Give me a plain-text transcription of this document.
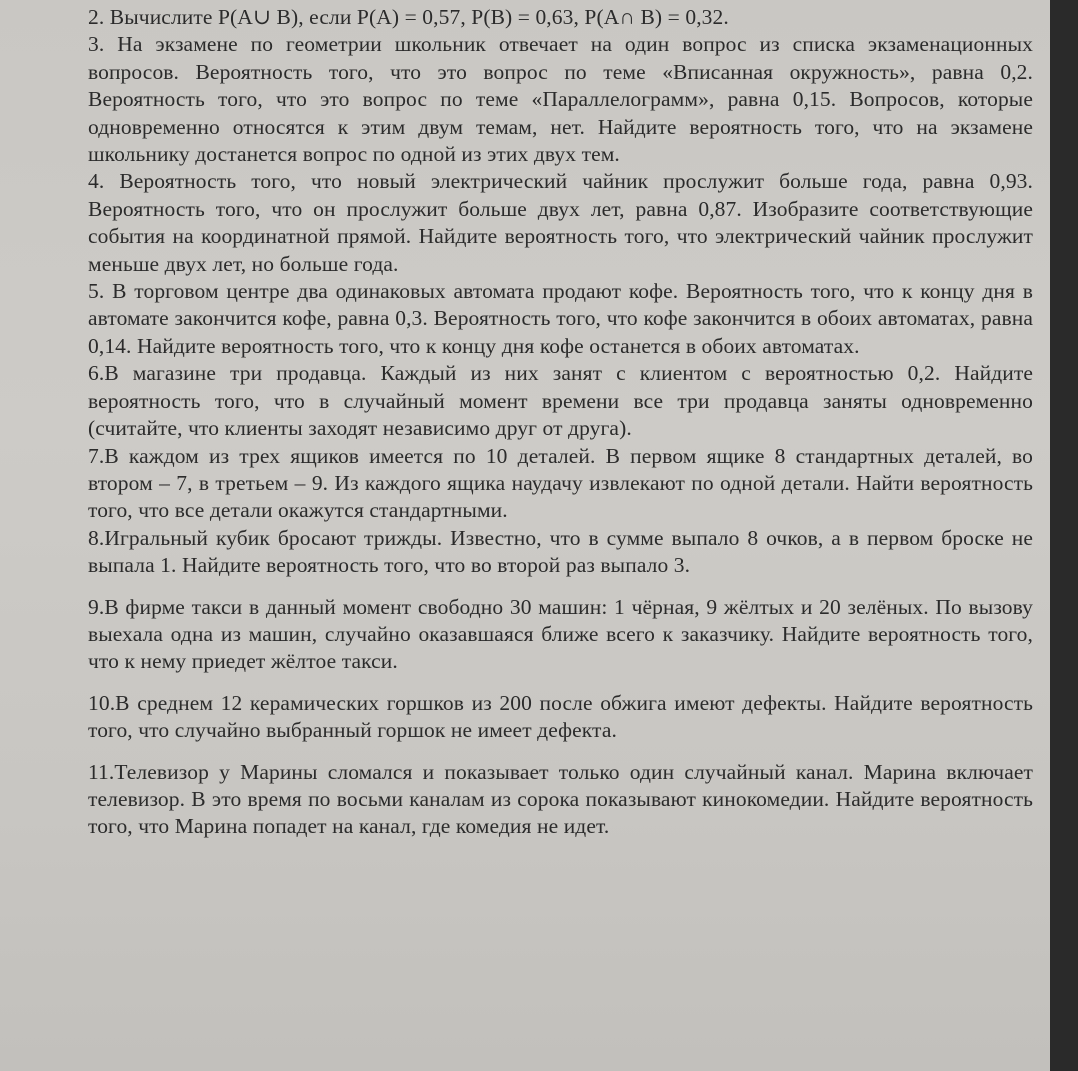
2. Вычислите P(A∪ B), если P(A) = 0,57, P(B) = 0,63, P(A∩ B) = 0,32.

3. На экзамене по геометрии школьник отвечает на один вопрос из списка экзаменационных вопросов. Вероятность того, что это вопрос по теме «Вписанная окружность», равна 0,2. Вероятность того, что это вопрос по теме «Параллелограмм», равна 0,15. Вопросов, которые одновременно относятся к этим двум темам, нет. Найдите вероятность того, что на экзамене школьнику достанется вопрос по одной из этих двух тем.

4. Вероятность того, что новый электрический чайник прослужит больше года, равна 0,93. Вероятность того, что он прослужит больше двух лет, равна 0,87. Изобразите соответствующие события на координатной прямой. Найдите вероятность того, что электрический чайник прослужит меньше двух лет, но больше года.

5. В торговом центре два одинаковых автомата продают кофе. Вероятность того, что к концу дня в автомате закончится кофе, равна 0,3. Вероятность того, что кофе закончится в обоих автоматах, равна 0,14. Найдите вероятность того, что к концу дня кофе останется в обоих автоматах.

6.В магазине три продавца. Каждый из них занят с клиентом с вероятностью 0,2. Найдите вероятность того, что в случайный момент времени все три продавца заняты одновременно (считайте, что клиенты заходят независимо друг от друга).

7.В каждом из трех ящиков имеется по 10 деталей. В первом ящике 8 стандартных деталей, во втором – 7, в третьем – 9. Из каждого ящика наудачу извлекают по одной детали. Найти вероятность того, что все детали окажутся стандартными.

8.Игральный кубик бросают трижды. Известно, что в сумме выпало 8 очков, а в первом броске не выпала 1. Найдите вероятность того, что во второй раз выпало 3.

9.В фирме такси в данный момент свободно 30 машин: 1 чёрная, 9 жёлтых и 20 зелёных. По вызову выехала одна из машин, случайно оказавшаяся ближе всего к заказчику. Найдите вероятность того, что к нему приедет жёлтое такси.

10.В среднем 12 керамических горшков из 200 после обжига имеют дефекты. Найдите вероятность того, что случайно выбранный горшок не имеет дефекта.

11.Телевизор у Марины сломался и показывает только один случайный канал. Марина включает телевизор. В это время по восьми каналам из сорока показывают кинокомедии. Найдите вероятность того, что Марина попадет на канал, где комедия не идет.
